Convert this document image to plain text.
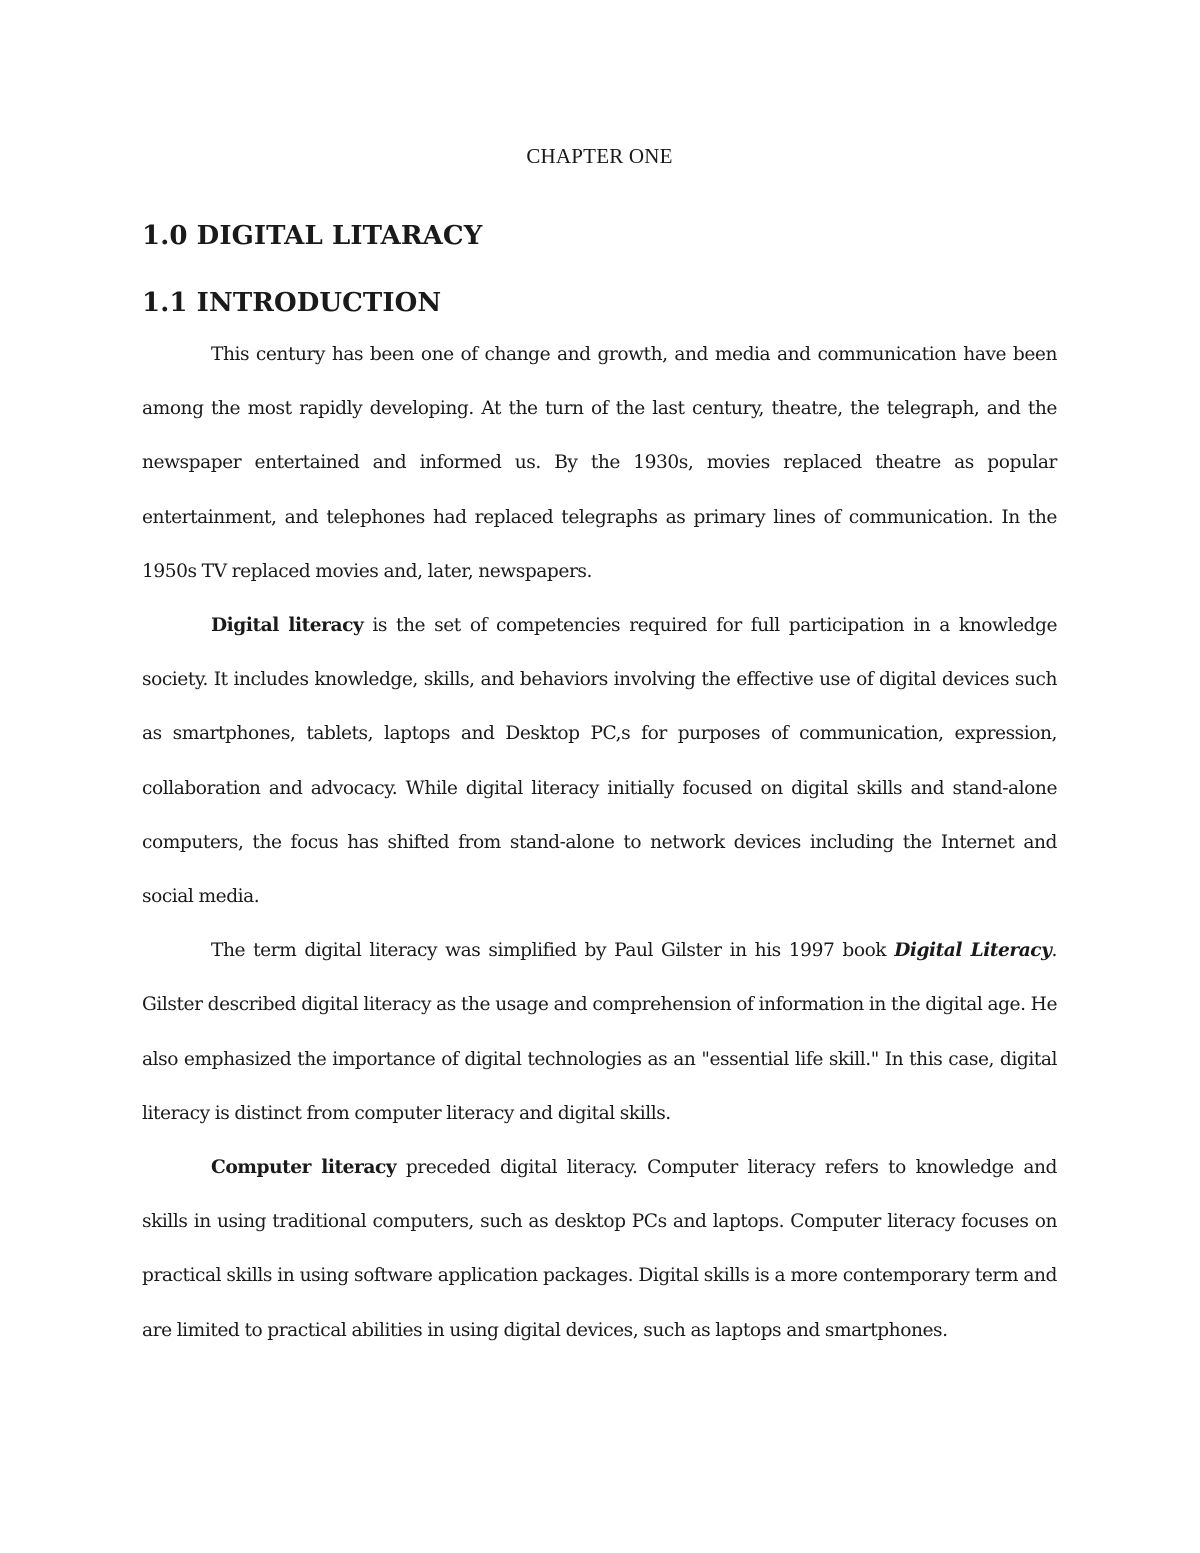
CHAPTER ONE
1.0 DIGITAL LITARACY
1.1 INTRODUCTION

This century has been one of change and growth, and media and communication have been among the most rapidly developing. At the turn of the last century, theatre, the telegraph, and the newspaper entertained and informed us. By the 1930s, movies replaced theatre as popular entertainment, and telephones had replaced telegraphs as primary lines of communication. In the 1950s TV replaced movies and, later, newspapers.

Digital literacy is the set of competencies required for full participation in a knowledge society. It includes knowledge, skills, and behaviors involving the effective use of digital devices such as smartphones, tablets, laptops and Desktop PC,s for purposes of communication, expression, collaboration and advocacy. While digital literacy initially focused on digital skills and stand-alone computers, the focus has shifted from stand-alone to network devices including the Internet and social media.

The term digital literacy was simplified by Paul Gilster in his 1997 book Digital Literacy. Gilster described digital literacy as the usage and comprehension of information in the digital age. He also emphasized the importance of digital technologies as an "essential life skill." In this case, digital literacy is distinct from computer literacy and digital skills.

Computer literacy preceded digital literacy. Computer literacy refers to knowledge and skills in using traditional computers, such as desktop PCs and laptops. Computer literacy focuses on practical skills in using software application packages. Digital skills is a more contemporary term and are limited to practical abilities in using digital devices, such as laptops and smartphones.
